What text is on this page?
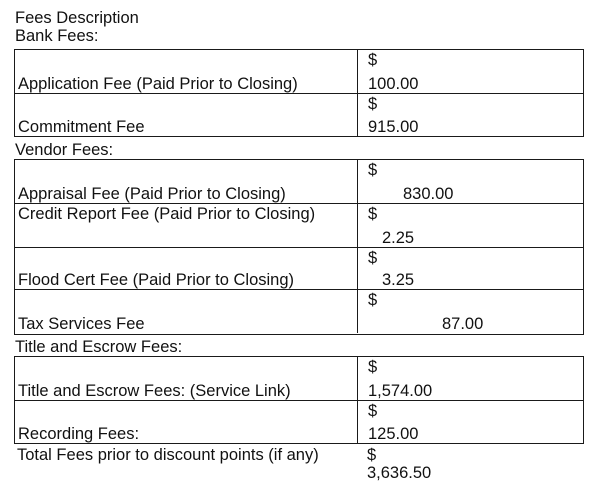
Fees Description
Bank Fees:
Application Fee (Paid Prior to Closing)
$
100.00
Commitment Fee
$
915.00
Vendor Fees:
Appraisal Fee (Paid Prior to Closing)
$
830.00
Credit Report Fee (Paid Prior to Closing)	$
2.25
Flood Cert Fee (Paid Prior to Closing)
$
3.25
Tax Services Fee
$
87.00
Title and Escrow Fees:
Title and Escrow Fees: (Service Link)
$
1,574.00
Recording Fees:
$
125.00
Total Fees prior to discount points (if any)	$
3,636.50
